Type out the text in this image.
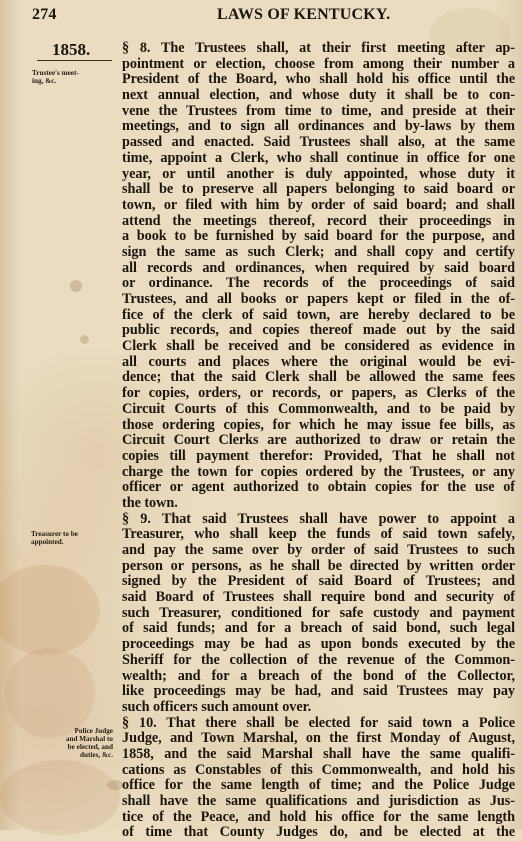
274	LAWS OF KENTUCKY.
1858.
Trustee's meet-
ing, &c.
Treasurer to be
appointed.
Police Judge
and Marshal to
be elected, and
duties, &c.
§ 8. The Trustees shall, at their first meeting after ap-
pointment or election, choose from among their number a
President of the Board, who shall hold his office until the
next annual election, and whose duty it shall be to con-
vene the Trustees from time to time, and preside at their
meetings, and to sign all ordinances and by-laws by them
passed and enacted. Said Trustees shall also, at the same
time, appoint a Clerk, who shall continue in office for one
year, or until another is duly appointed, whose duty it
shall be to preserve all papers belonging to said board or
town, or filed with him by order of said board; and shall
attend the meetings thereof, record their proceedings in
a book to be furnished by said board for the purpose, and
sign the same as such Clerk; and shall copy and certify
all records and ordinances, when required by said board
or ordinance. The records of the proceedings of said
Trustees, and all books or papers kept or filed in the of-
fice of the clerk of said town, are hereby declared to be
public records, and copies thereof made out by the said
Clerk shall be received and be considered as evidence in
all courts and places where the original would be evi-
dence; that the said Clerk shall be allowed the same fees
for copies, orders, or records, or papers, as Clerks of the
Circuit Courts of this Commonwealth, and to be paid by
those ordering copies, for which he may issue fee bills, as
Circuit Court Clerks are authorized to draw or retain the
copies till payment therefor: Provided, That he shall not
charge the town for copies ordered by the Trustees, or any
officer or agent authorized to obtain copies for the use of
the town.
§ 9. That said Trustees shall have power to appoint a
Treasurer, who shall keep the funds of said town safely,
and pay the same over by order of said Trustees to such
person or persons, as he shall be directed by written order
signed by the President of said Board of Trustees; and
said Board of Trustees shall require bond and security of
such Treasurer, conditioned for safe custody and payment
of said funds; and for a breach of said bond, such legal
proceedings may be had as upon bonds executed by the
Sheriff for the collection of the revenue of the Common-
wealth; and for a breach of the bond of the Collector,
like proceedings may be had, and said Trustees may pay
such officers such amount over.
§ 10. That there shall be elected for said town a Police
Judge, and Town Marshal, on the first Monday of August,
1858, and the said Marshal shall have the same qualifi-
cations as Constables of this Commonwealth, and hold his
office for the same length of time; and the Police Judge
shall have the same qualifications and jurisdiction as Jus-
tice of the Peace, and hold his office for the same length
of time that County Judges do, and be elected at the
